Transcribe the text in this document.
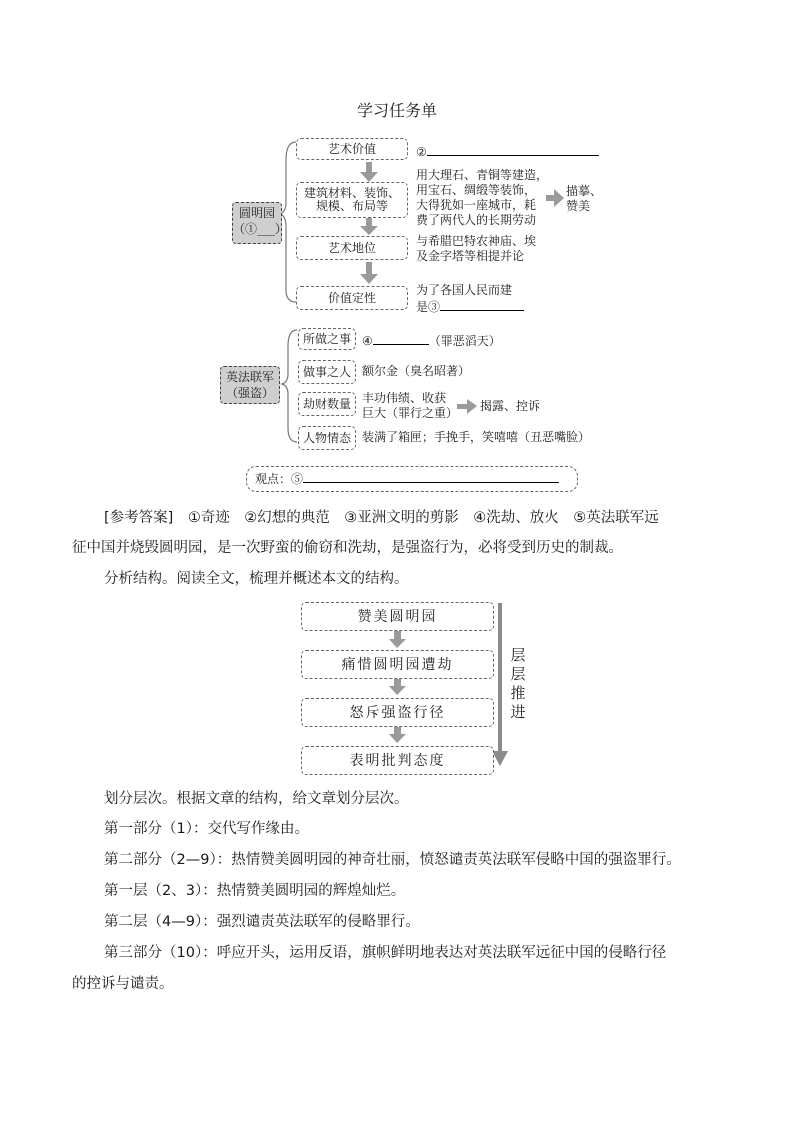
学习任务单
圆明园
（①___）
艺术价值	②
建筑材料、装饰、
规模、布局等
用大理石、青铜等建造，
用宝石、绸缎等装饰，
大得犹如一座城市，耗
费了两代人的长期劳动
描摹、
赞美
艺术地位	与希腊巴特农神庙、埃
及金字塔等相提并论
价值定性
为了各国人民而建
是③
英法联军
（强盗）
所做之事 ④	（罪恶滔天）
做事之人 额尔金（臭名昭著）
劫财数量 丰功伟绩、收获
巨大（罪行之重）	揭露、控诉
人物情态 装满了箱匣；手挽手，笑嘻嘻（丑恶嘴脸）
观点：⑤
[参考答案]　①奇迹　②幻想的典范　③亚洲文明的剪影　④洗劫、放火　⑤英法联军远
征中国并烧毁圆明园，是一次野蛮的偷窃和洗劫，是强盗行为，必将受到历史的制裁。
分析结构。阅读全文，梳理并概述本文的结构。
赞美圆明园
痛惜圆明园遭劫
怒斥强盗行径
表明批判态度
层
层
推
进
划分层次。根据文章的结构，给文章划分层次。
第一部分（1）：交代写作缘由。
第二部分（2—9）：热情赞美圆明园的神奇壮丽，愤怒谴责英法联军侵略中国的强盗罪行。
第一层（2、3）：热情赞美圆明园的辉煌灿烂。
第二层（4—9）：强烈谴责英法联军的侵略罪行。
第三部分（10）：呼应开头，运用反语，旗帜鲜明地表达对英法联军远征中国的侵略行径
的控诉与谴责。
